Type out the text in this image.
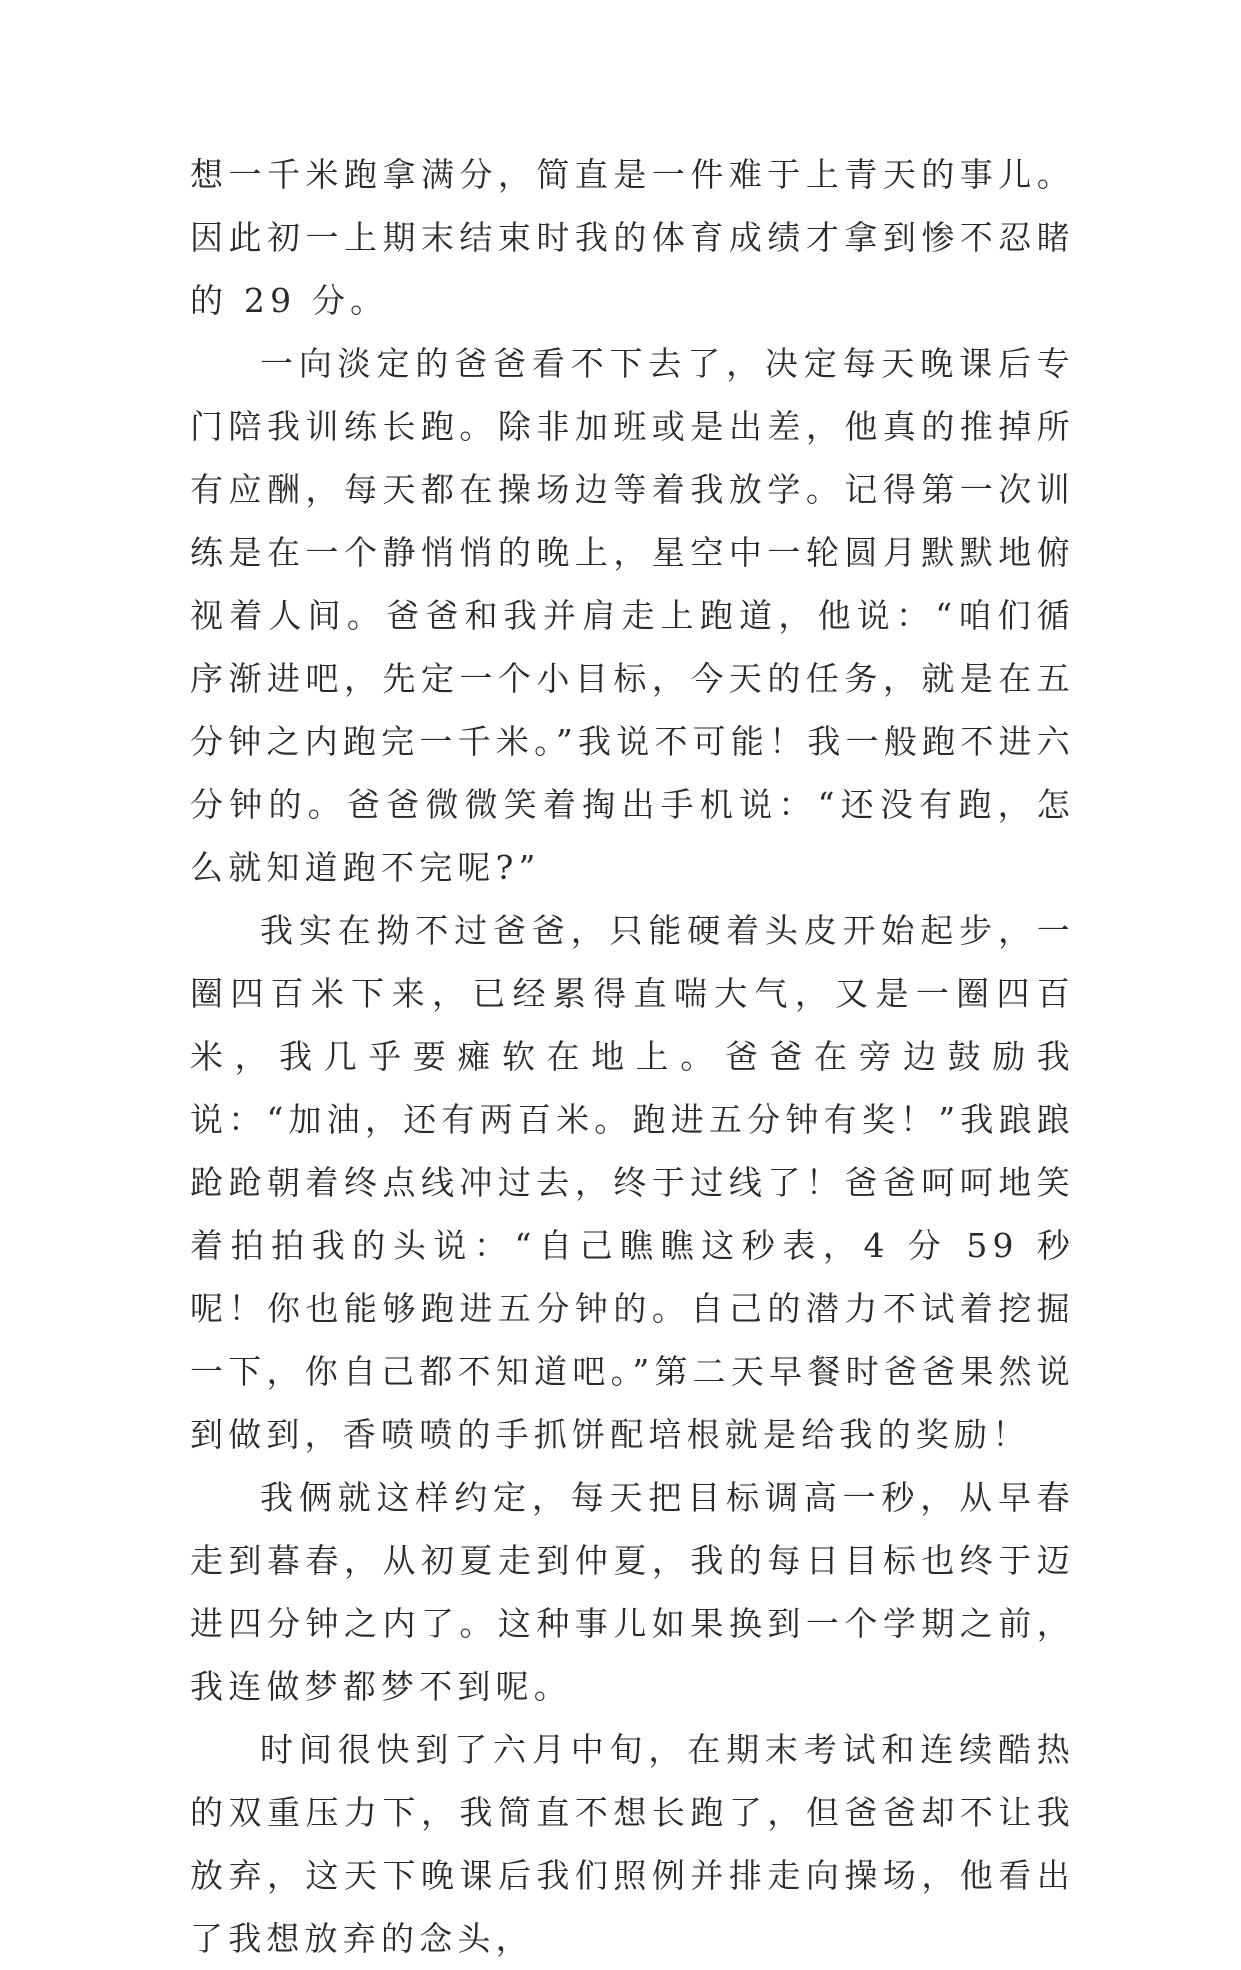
想一千米跑拿满分，简直是一件难于上青天的事儿。因此初一上期末结束时我的体育成绩才拿到惨不忍睹的 29 分。

一向淡定的爸爸看不下去了，决定每天晚课后专门陪我训练长跑。除非加班或是出差，他真的推掉所有应酬，每天都在操场边等着我放学。记得第一次训练是在一个静悄悄的晚上，星空中一轮圆月默默地俯视着人间。爸爸和我并肩走上跑道，他说：“咱们循序渐进吧，先定一个小目标，今天的任务，就是在五分钟之内跑完一千米。”我说不可能！我一般跑不进六分钟的。爸爸微微笑着掏出手机说：“还没有跑，怎么就知道跑不完呢?”

我实在拗不过爸爸，只能硬着头皮开始起步，一圈四百米下来，已经累得直喘大气，又是一圈四百米，我几乎要瘫软在地上。爸爸在旁边鼓励我说：“加油，还有两百米。跑进五分钟有奖！”我踉踉跄跄朝着终点线冲过去，终于过线了！爸爸呵呵地笑着拍拍我的头说：“自己瞧瞧这秒表，4 分 59 秒呢！你也能够跑进五分钟的。自己的潜力不试着挖掘一下，你自己都不知道吧。”第二天早餐时爸爸果然说到做到，香喷喷的手抓饼配培根就是给我的奖励！

我俩就这样约定，每天把目标调高一秒，从早春走到暮春，从初夏走到仲夏，我的每日目标也终于迈进四分钟之内了。这种事儿如果换到一个学期之前，我连做梦都梦不到呢。

时间很快到了六月中旬，在期末考试和连续酷热的双重压力下，我简直不想长跑了，但爸爸却不让我放弃，这天下晚课后我们照例并排走向操场，他看出了我想放弃的念头，
